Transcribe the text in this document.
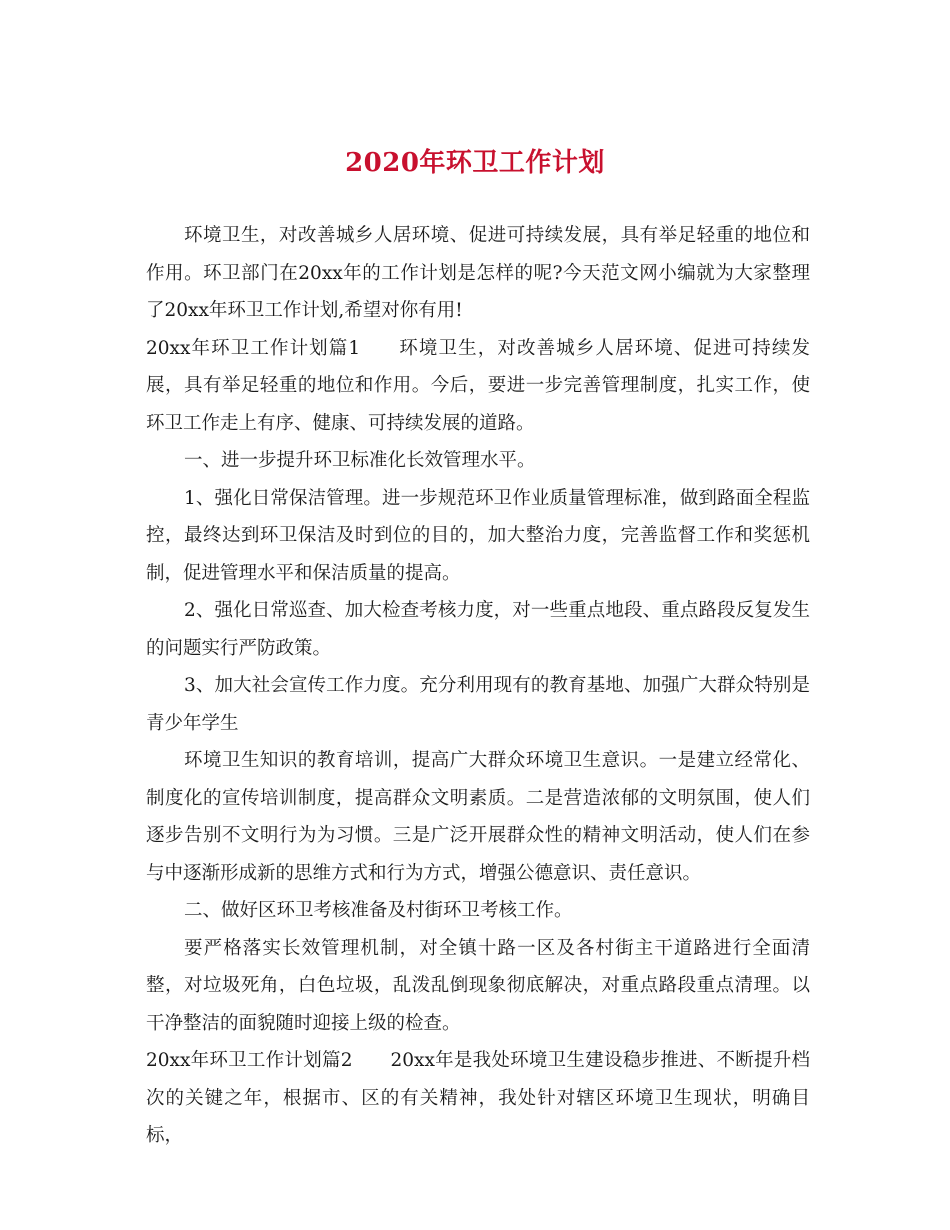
2020年环卫工作计划

环境卫生，对改善城乡人居环境、促进可持续发展，具有举足轻重的地位和作用。环卫部门在20xx年的工作计划是怎样的呢?今天范文网小编就为大家整理了20xx年环卫工作计划,希望对你有用!

20xx年环卫工作计划篇1 环境卫生，对改善城乡人居环境、促进可持续发展，具有举足轻重的地位和作用。今后，要进一步完善管理制度，扎实工作，使环卫工作走上有序、健康、可持续发展的道路。

一、进一步提升环卫标准化长效管理水平。

1、强化日常保洁管理。进一步规范环卫作业质量管理标准，做到路面全程监控，最终达到环卫保洁及时到位的目的，加大整治力度，完善监督工作和奖惩机制，促进管理水平和保洁质量的提高。

2、强化日常巡查、加大检查考核力度，对一些重点地段、重点路段反复发生的问题实行严防政策。

3、加大社会宣传工作力度。充分利用现有的教育基地、加强广大群众特别是青少年学生

环境卫生知识的教育培训，提高广大群众环境卫生意识。一是建立经常化、制度化的宣传培训制度，提高群众文明素质。二是营造浓郁的文明氛围，使人们逐步告别不文明行为为习惯。三是广泛开展群众性的精神文明活动，使人们在参与中逐渐形成新的思维方式和行为方式，增强公德意识、责任意识。

二、做好区环卫考核准备及村街环卫考核工作。

要严格落实长效管理机制，对全镇十路一区及各村街主干道路进行全面清整，对垃圾死角，白色垃圾，乱泼乱倒现象彻底解决，对重点路段重点清理。以干净整洁的面貌随时迎接上级的检查。

20xx年环卫工作计划篇2 20xx年是我处环境卫生建设稳步推进、不断提升档次的关键之年，根据市、区的有关精神，我处针对辖区环境卫生现状，明确目标，
